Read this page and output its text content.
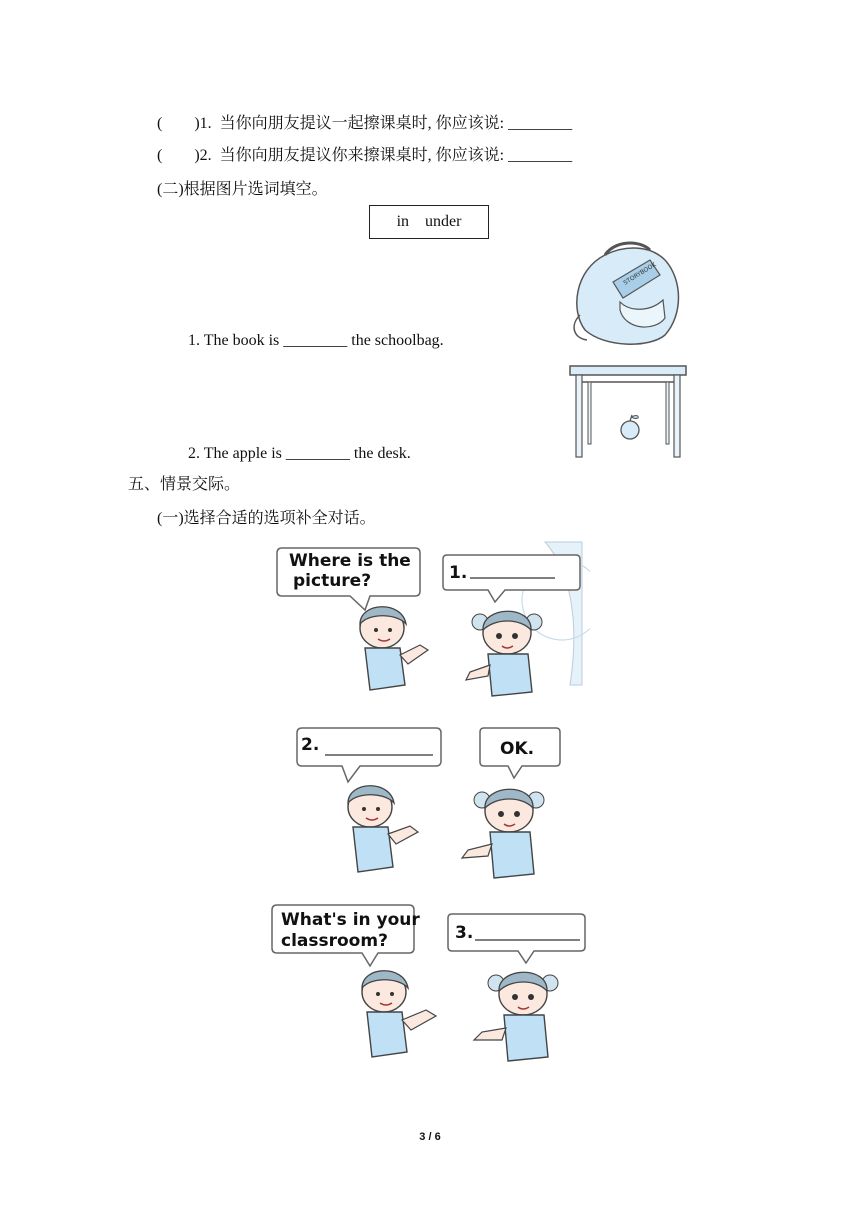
(        )1.  当你向朋友提议一起擦课桌时, 你应该说: ________
(        )2.  当你向朋友提议你来擦课桌时, 你应该说: ________
(二)根据图片选词填空。
in    under
1. The book is ________ the schoolbag.
2. The apple is ________ the desk.
STORYBOOK
五、情景交际。
(一)选择合适的选项补全对话。
Where is the
picture?	1.
2.	OK.
What's in your
classroom?	3.
3 / 6
